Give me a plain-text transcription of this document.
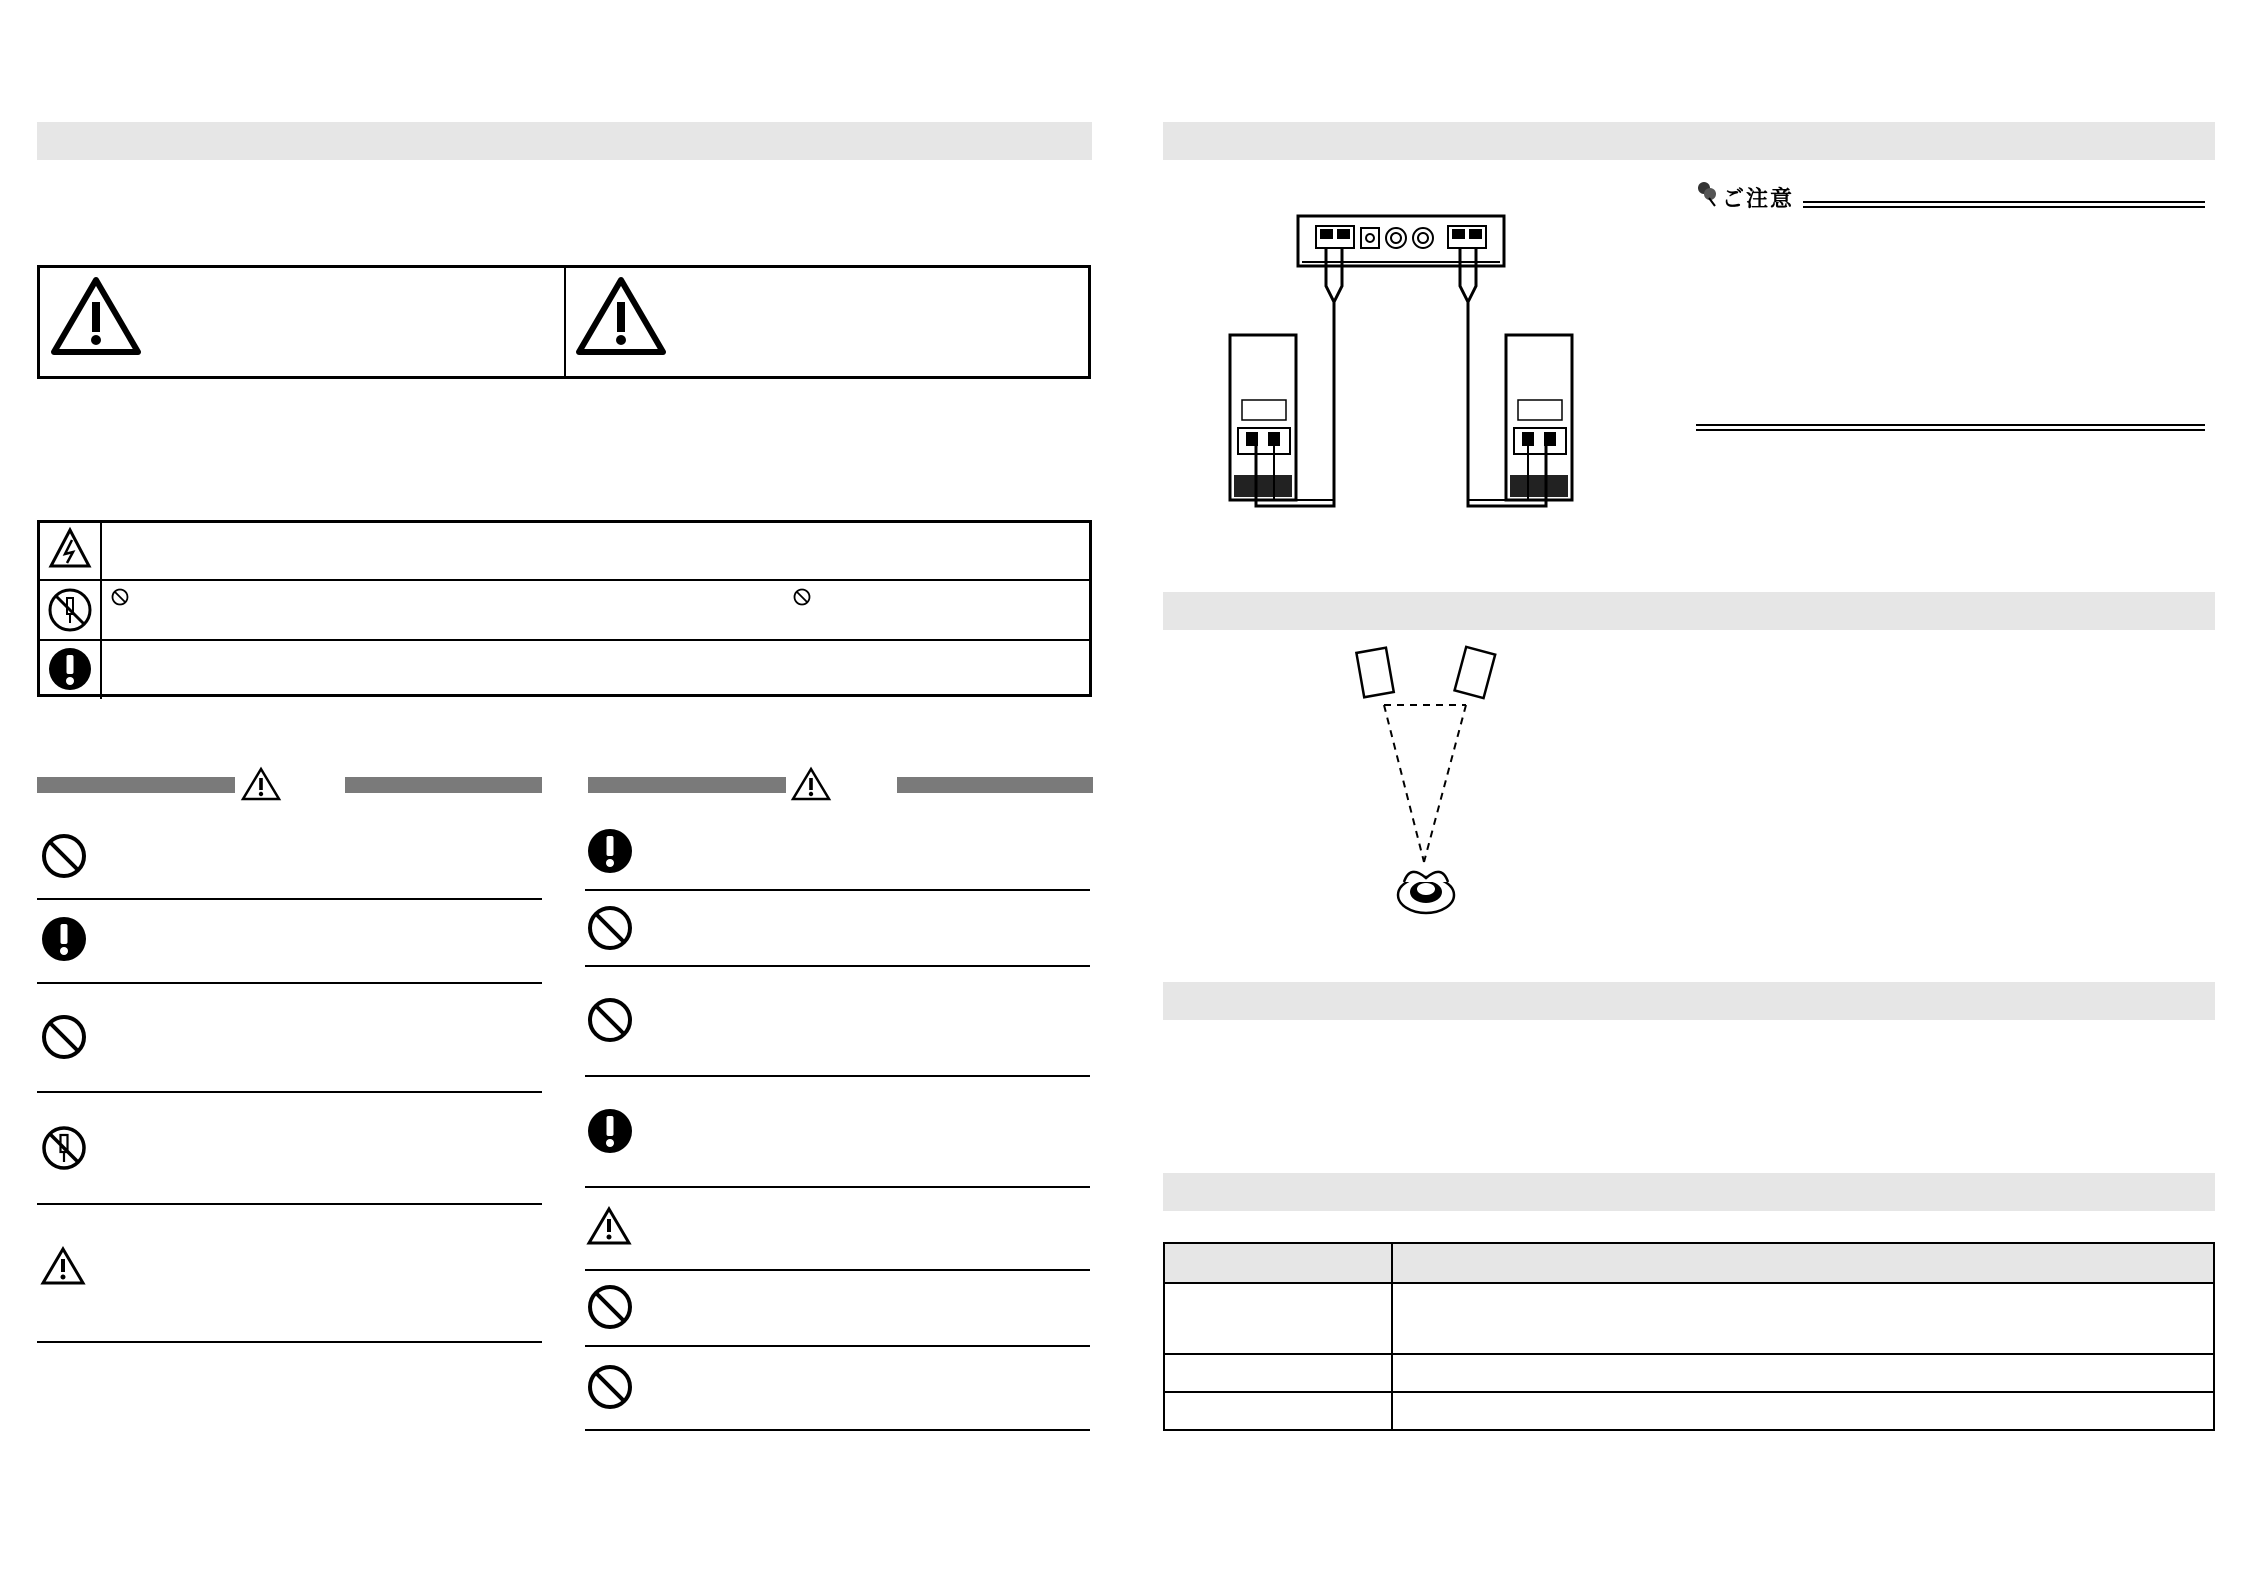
ご注意
